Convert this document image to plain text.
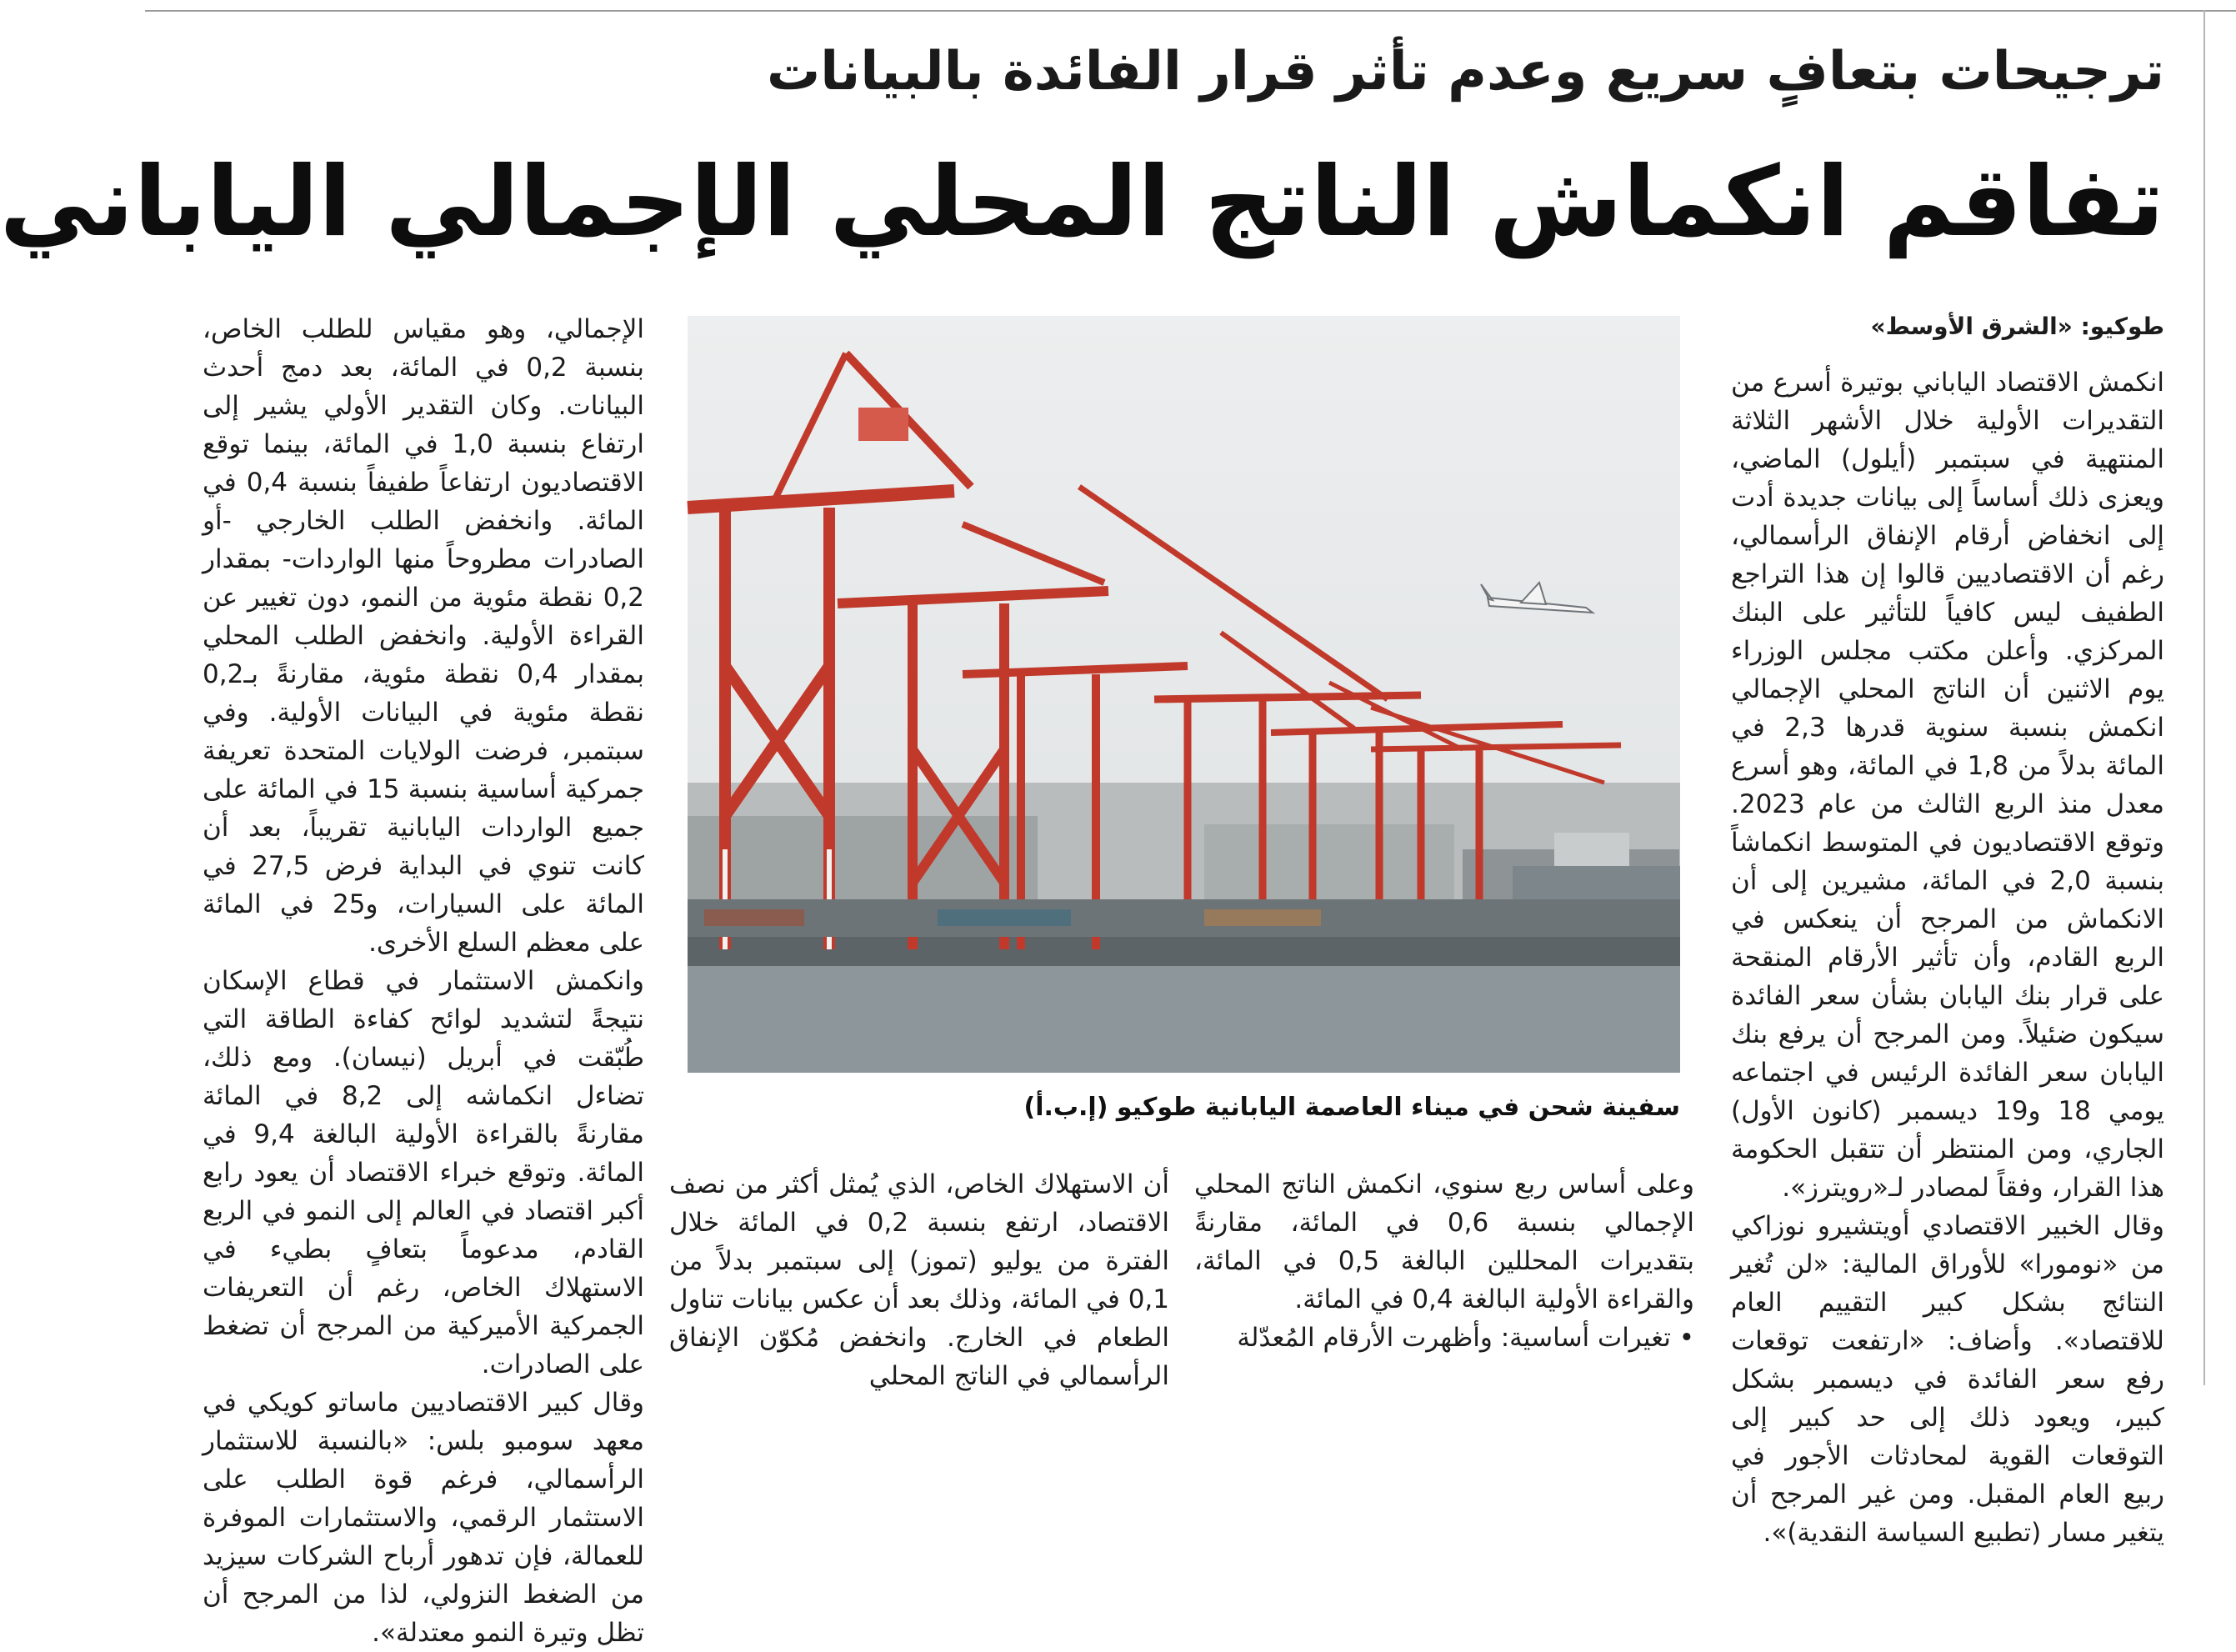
ترجيحات بتعافٍ سريع وعدم تأثر قرار الفائدة بالبيانات
تفاقم انكماش الناتج المحلي الإجمالي الياباني

طوكيو: «الشرق الأوسط»

انكمش الاقتصاد الياباني بوتيرة أسرع من التقديرات الأولية خلال الأشهر الثلاثة المنتهية في سبتمبر (أيلول) الماضي، ويعزى ذلك أساساً إلى بيانات جديدة أدت إلى انخفاض أرقام الإنفاق الرأسمالي، رغم أن الاقتصاديين قالوا إن هذا التراجع الطفيف ليس كافياً للتأثير على البنك المركزي. وأعلن مكتب مجلس الوزراء يوم الاثنين أن الناتج المحلي الإجمالي انكمش بنسبة سنوية قدرها 2,3 في المائة بدلاً من 1,8 في المائة، وهو أسرع معدل منذ الربع الثالث من عام 2023. وتوقع الاقتصاديون في المتوسط انكماشاً بنسبة 2,0 في المائة، مشيرين إلى أن الانكماش من المرجح أن ينعكس في الربع القادم، وأن تأثير الأرقام المنقحة على قرار بنك اليابان بشأن سعر الفائدة سيكون ضئيلاً. ومن المرجح أن يرفع بنك اليابان سعر الفائدة الرئيس في اجتماعه يومي 18 و19 ديسمبر (كانون الأول) الجاري، ومن المنتظر أن تتقبل الحكومة هذا القرار، وفقاً لمصادر لـ«رويترز».

وقال الخبير الاقتصادي أويتشيرو نوزاكي من «نومورا» للأوراق المالية: «لن تُغير النتائج بشكل كبير التقييم العام للاقتصاد». وأضاف: «ارتفعت توقعات رفع سعر الفائدة في ديسمبر بشكل كبير، ويعود ذلك إلى حد كبير إلى التوقعات القوية لمحادثات الأجور في ربيع العام المقبل. ومن غير المرجح أن يتغير مسار (تطبيع السياسة النقدية)».

سفينة شحن في ميناء العاصمة اليابانية طوكيو (إ.ب.أ)

وعلى أساس ربع سنوي، انكمش الناتج المحلي الإجمالي بنسبة 0,6 في المائة، مقارنةً بتقديرات المحللين البالغة 0,5 في المائة، والقراءة الأولية البالغة 0,4 في المائة.

• تغيرات أساسية: وأظهرت الأرقام المُعدّلة

أن الاستهلاك الخاص، الذي يُمثل أكثر من نصف الاقتصاد، ارتفع بنسبة 0,2 في المائة خلال الفترة من يوليو (تموز) إلى سبتمبر بدلاً من 0,1 في المائة، وذلك بعد أن عكس بيانات تناول الطعام في الخارج. وانخفض مُكوّن الإنفاق الرأسمالي في الناتج المحلي

الإجمالي، وهو مقياس للطلب الخاص، بنسبة 0,2 في المائة، بعد دمج أحدث البيانات. وكان التقدير الأولي يشير إلى ارتفاع بنسبة 1,0 في المائة، بينما توقع الاقتصاديون ارتفاعاً طفيفاً بنسبة 0,4 في المائة. وانخفض الطلب الخارجي -أو الصادرات مطروحاً منها الواردات- بمقدار 0,2 نقطة مئوية من النمو، دون تغيير عن القراءة الأولية. وانخفض الطلب المحلي بمقدار 0,4 نقطة مئوية، مقارنةً بـ0,2 نقطة مئوية في البيانات الأولية. وفي سبتمبر، فرضت الولايات المتحدة تعريفة جمركية أساسية بنسبة 15 في المائة على جميع الواردات اليابانية تقريباً، بعد أن كانت تنوي في البداية فرض 27,5 في المائة على السيارات، و25 في المائة على معظم السلع الأخرى.

وانكمش الاستثمار في قطاع الإسكان نتيجةً لتشديد لوائح كفاءة الطاقة التي طُبّقت في أبريل (نيسان). ومع ذلك، تضاءل انكماشه إلى 8,2 في المائة مقارنةً بالقراءة الأولية البالغة 9,4 في المائة. وتوقع خبراء الاقتصاد أن يعود رابع أكبر اقتصاد في العالم إلى النمو في الربع القادم، مدعوماً بتعافٍ بطيء في الاستهلاك الخاص، رغم أن التعريفات الجمركية الأميركية من المرجح أن تضغط على الصادرات.

وقال كبير الاقتصاديين ماساتو كويكي في معهد سومبو بلس: «بالنسبة للاستثمار الرأسمالي، فرغم قوة الطلب على الاستثمار الرقمي، والاستثمارات الموفرة للعمالة، فإن تدهور أرباح الشركات سيزيد من الضغط النزولي، لذا من المرجح أن تظل وتيرة النمو معتدلة».
